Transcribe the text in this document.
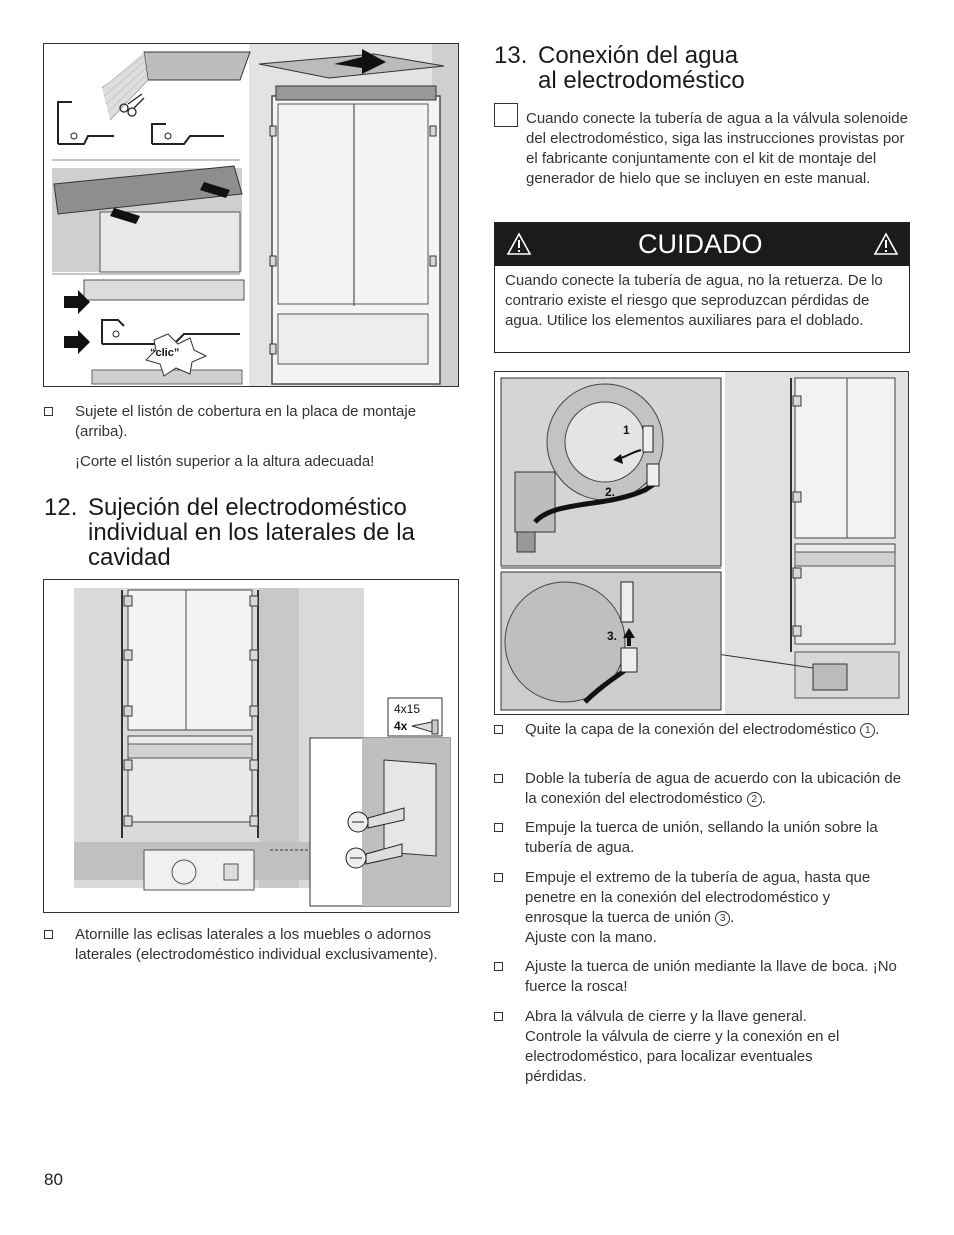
“clic”
Sujete el listón de cobertura en la placa de montaje (arriba).
¡Corte el listón superior a la altura adecuada!
12. Sujeción del electrodoméstico
individual en los laterales de la
cavidad
4x15
4x
Atornille las eclisas laterales a los muebles o adornos laterales (electrodoméstico individual exclusivamente).
13. Conexión del agua
al electrodoméstico
Cuando conecte la tubería de agua a la válvula solenoide del electrodoméstico, siga las instrucciones provistas por el fabricante conjuntamente con el kit de montaje del generador de hielo que se incluyen en este manual.
CUIDADO
Cuando conecte la tubería de agua, no la retuerza. De lo contrario existe el riesgo que seproduzcan pérdidas de agua. Utilice los elementos auxiliares para el doblado.
1
2.
3.
Quite la capa de la conexión del electrodoméstico 1 .
Doble la tubería de agua de acuerdo con la ubicación de la conexión del electrodoméstico 2 .
Empuje la tuerca de unión, sellando la unión sobre la tubería de agua.
Empuje el extremo de la tubería de agua, hasta que penetre en la conexión del electrodoméstico y enrosque la tuerca de unión 3 .
Ajuste con la mano.
Ajuste la tuerca de unión mediante la llave de boca. ¡No fuerce la rosca!
Abra la válvula de cierre y la llave general. Controle la válvula de cierre y la conexión en el electrodoméstico, para localizar eventuales pérdidas.
80
